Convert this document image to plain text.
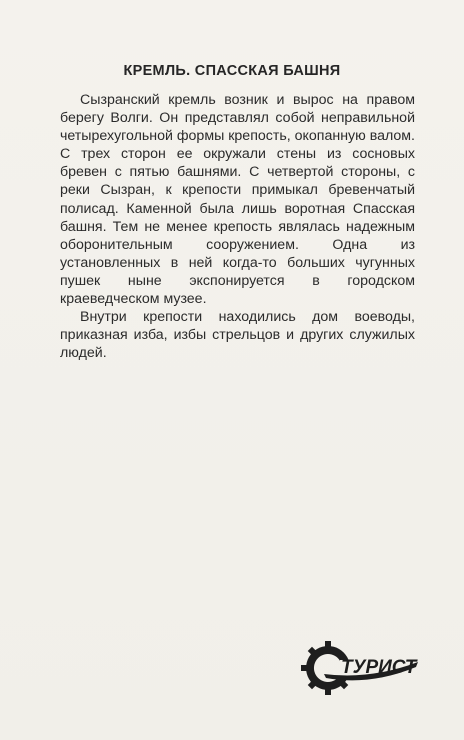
КРЕМЛЬ. СПАССКАЯ БАШНЯ

Сызранский кремль возник и вырос на правом берегу Волги. Он представлял собой неправильной четырехугольной формы крепость, окопанную валом. С трех сторон ее окружали стены из сосновых бревен с пятью башнями. С четвертой стороны, с реки Сызран, к крепости примыкал бревенчатый полисад. Каменной была лишь воротная Спасская башня. Тем не менее крепость являлась надежным оборонительным сооружением. Одна из установленных в ней когда-то больших чугунных пушек ныне экспонируется в городском краеведческом музее.

Внутри крепости находились дом воеводы, приказная изба, избы стрельцов и других служилых людей.

ТУРИСТ
